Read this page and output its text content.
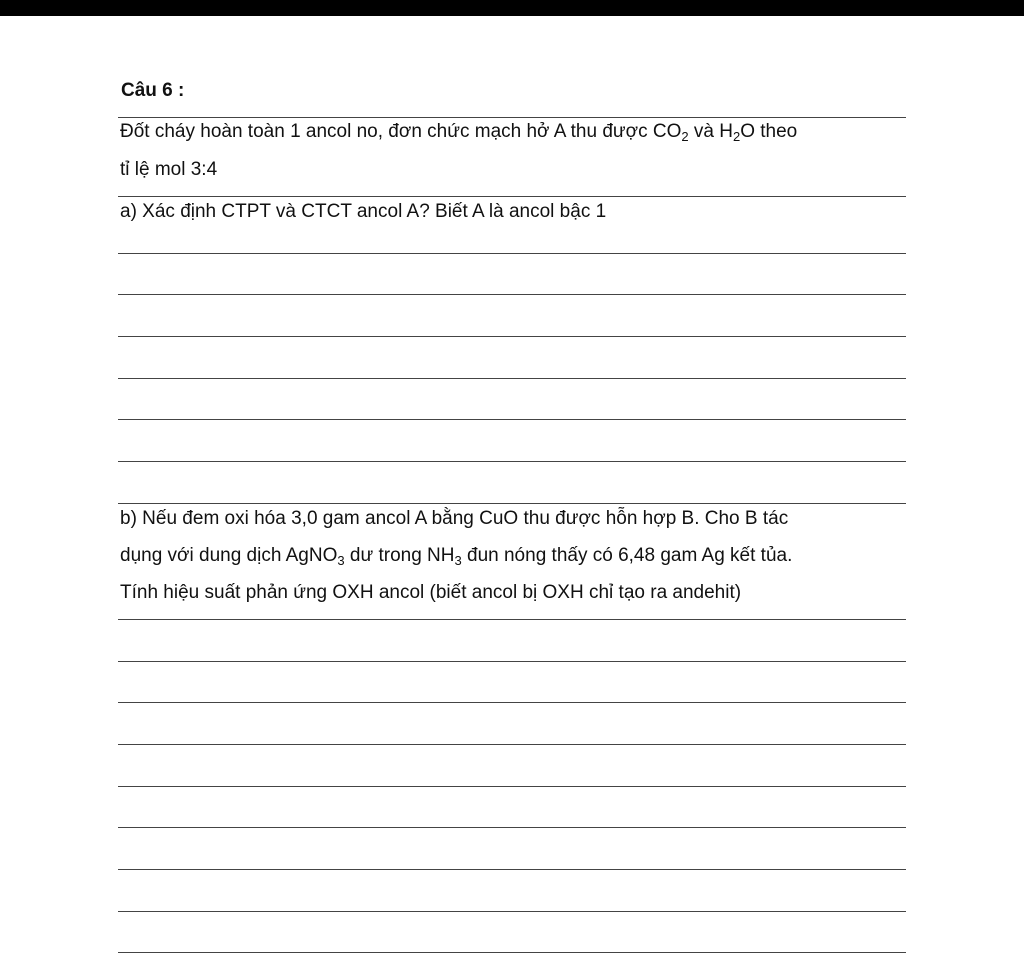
Câu 6 :
Đốt cháy hoàn toàn 1 ancol no, đơn chức mạch hở A thu được $CO_2$ và $H_2O$ theo
tỉ lệ mol 3:4
a) Xác định CTPT và CTCT ancol A? Biết A là ancol bậc 1
b) Nếu đem oxi hóa 3,0 gam ancol A bằng CuO thu được hỗn hợp B. Cho B tác
dụng với dung dịch AgNO$_3$ dư trong $NH_3$ đun nóng thấy có 6,48 gam Ag kết tủa.
Tính hiệu suất phản ứng OXH ancol (biết ancol bị OXH chỉ tạo ra andehit)
